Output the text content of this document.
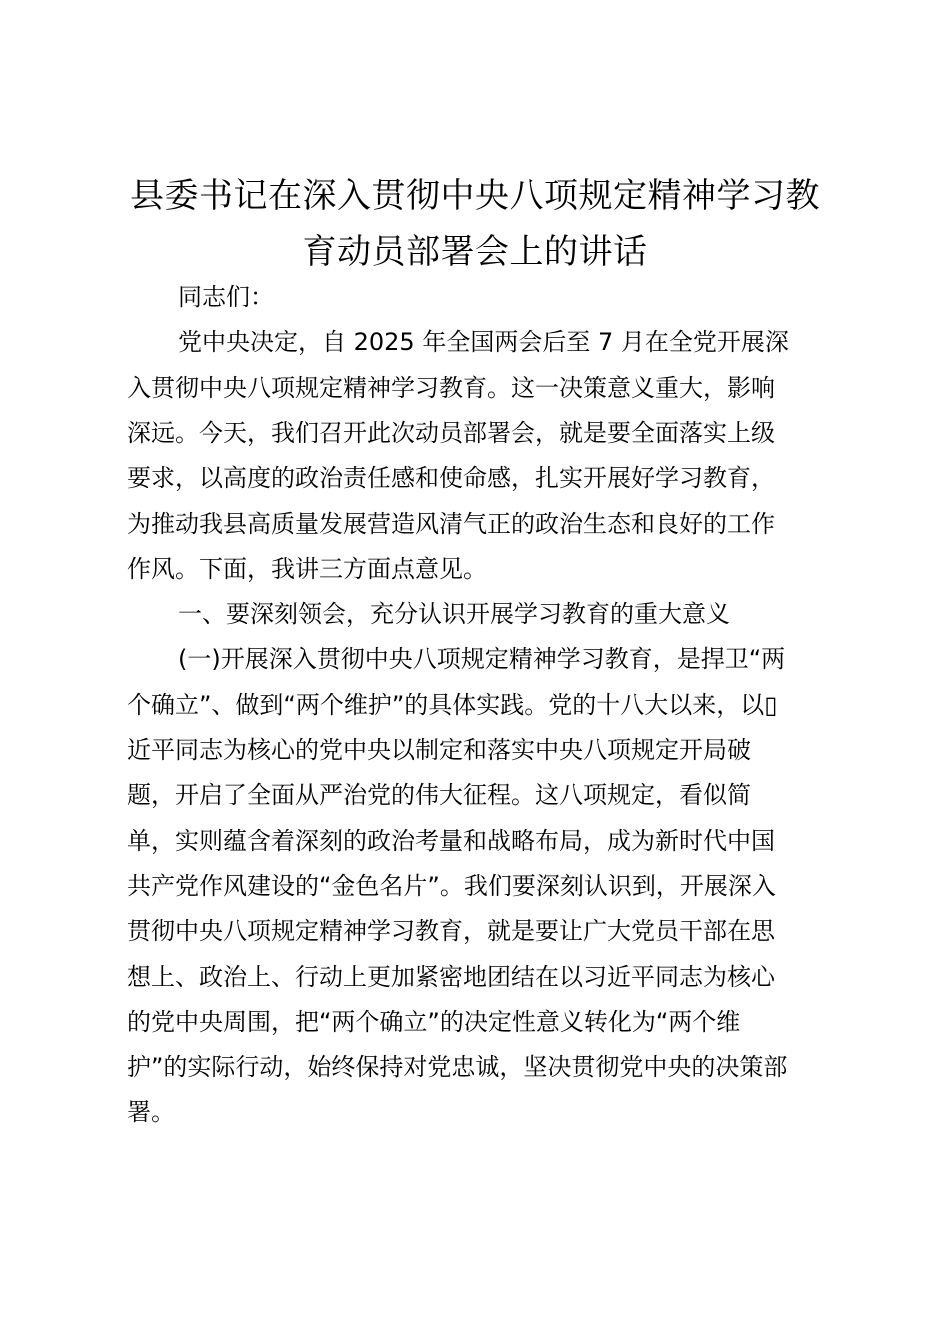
县委书记在深入贯彻中央八项规定精神学习教
育动员部署会上的讲话
同志们：
党中央决定，自 2025 年全国两会后至 7 月在全党开展深
入贯彻中央八项规定精神学习教育。这一决策意义重大，影响
深远。今天，我们召开此次动员部署会，就是要全面落实上级
要求，以高度的政治责任感和使命感，扎实开展好学习教育，
为推动我县高质量发展营造风清气正的政治生态和良好的工作
作风。下面，我讲三方面点意见。
一、要深刻领会，充分认识开展学习教育的重大意义
(一)开展深入贯彻中央八项规定精神学习教育，是捍卫“两
个确立”、做到“两个维护”的具体实践。党的十八大以来，以▯
近平同志为核心的党中央以制定和落实中央八项规定开局破
题，开启了全面从严治党的伟大征程。这八项规定，看似简
单，实则蕴含着深刻的政治考量和战略布局，成为新时代中国
共产党作风建设的“金色名片”。我们要深刻认识到，开展深入
贯彻中央八项规定精神学习教育，就是要让广大党员干部在思
想上、政治上、行动上更加紧密地团结在以习近平同志为核心
的党中央周围，把“两个确立”的决定性意义转化为“两个维
护”的实际行动，始终保持对党忠诚，坚决贯彻党中央的决策部
署。
